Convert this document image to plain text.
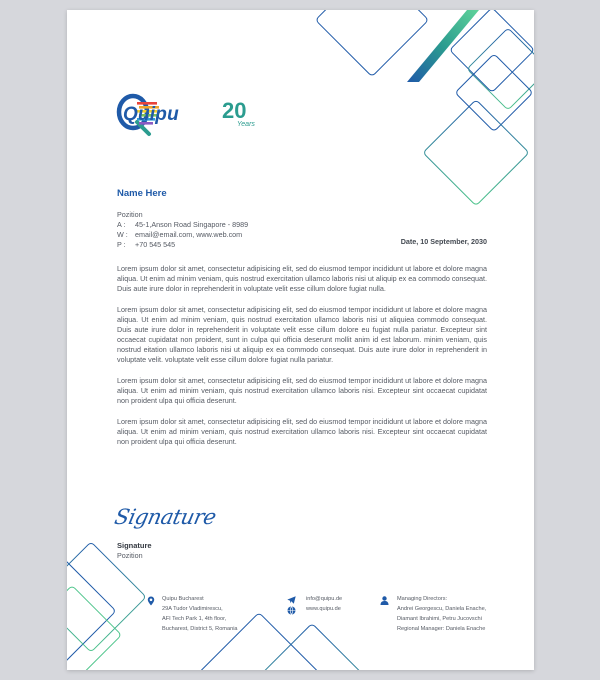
Quipu 20
Years
Name Here
Pozition
A : 45-1,Anson Road Singapore - 8989
W : email@email.com, www.web.com
P : +70 545 545	Date, 10 September, 2030

Lorem ipsum dolor sit amet, consectetur adipisicing elit, sed do eiusmod tempor incididunt ut labore et dolore magna aliqua. Ut enim ad minim veniam, quis nostrud exercitation ullamco laboris nisi ut aliquip ex ea commodo consequat. Duis aute irure dolor in reprehenderit in voluptate velit esse cillum dolore fugiat nulla.

Lorem ipsum dolor sit amet, consectetur adipisicing elit, sed do eiusmod tempor incididunt ut labore et dolore magna aliqua. Ut enim ad minim veniam, quis nostrud exercitation ullamco laboris nisi ut aliquiea commodo consequat. Duis aute irure dolor in reprehenderit in voluptate velit esse cillum dolore eu fugiat nulla pariatur. Excepteur sint occaecat cupidatat non proident, sunt in culpa qui officia deserunt mollit anim id est laborum. minim veniam, quis nostrud eitation ullamco laboris nisi ut aliquip ex ea commodo consequat. Duis aute irure dolor in reprehenderit in voluptate velit. voluptate velit esse cillum dolore fugiat nulla pariatur.

Lorem ipsum dolor sit amet, consectetur adipisicing elit, sed do eiusmod tempor incididunt ut labore et dolore magna aliqua. Ut enim ad minim veniam, quis nostrud exercitation ullamco laboris nisi. Excepteur sint occaecat cupidatat non proident ulpa qui officia deserunt.

Lorem ipsum dolor sit amet, consectetur adipisicing elit, sed do eiusmod tempor incididunt ut labore et dolore magna aliqua. Ut enim ad minim veniam, quis nostrud exercitation ullamco laboris nisi. Excepteur sint occaecat cupidatat non proident ulpa qui officia deserunt.

Signature
Signature
Pozition
Quipu Bucharest
29A Tudor Vladimirescu,
AFI Tech Park 1, 4th floor,
Bucharest, District 5, Romania
info@quipu.de
www.quipu.de
Managing Directors:
Andrei Georgescu, Daniela Enache,
Diamant Ibrahimi, Petru Jucovschi
Regional Manager: Daniela Enache
